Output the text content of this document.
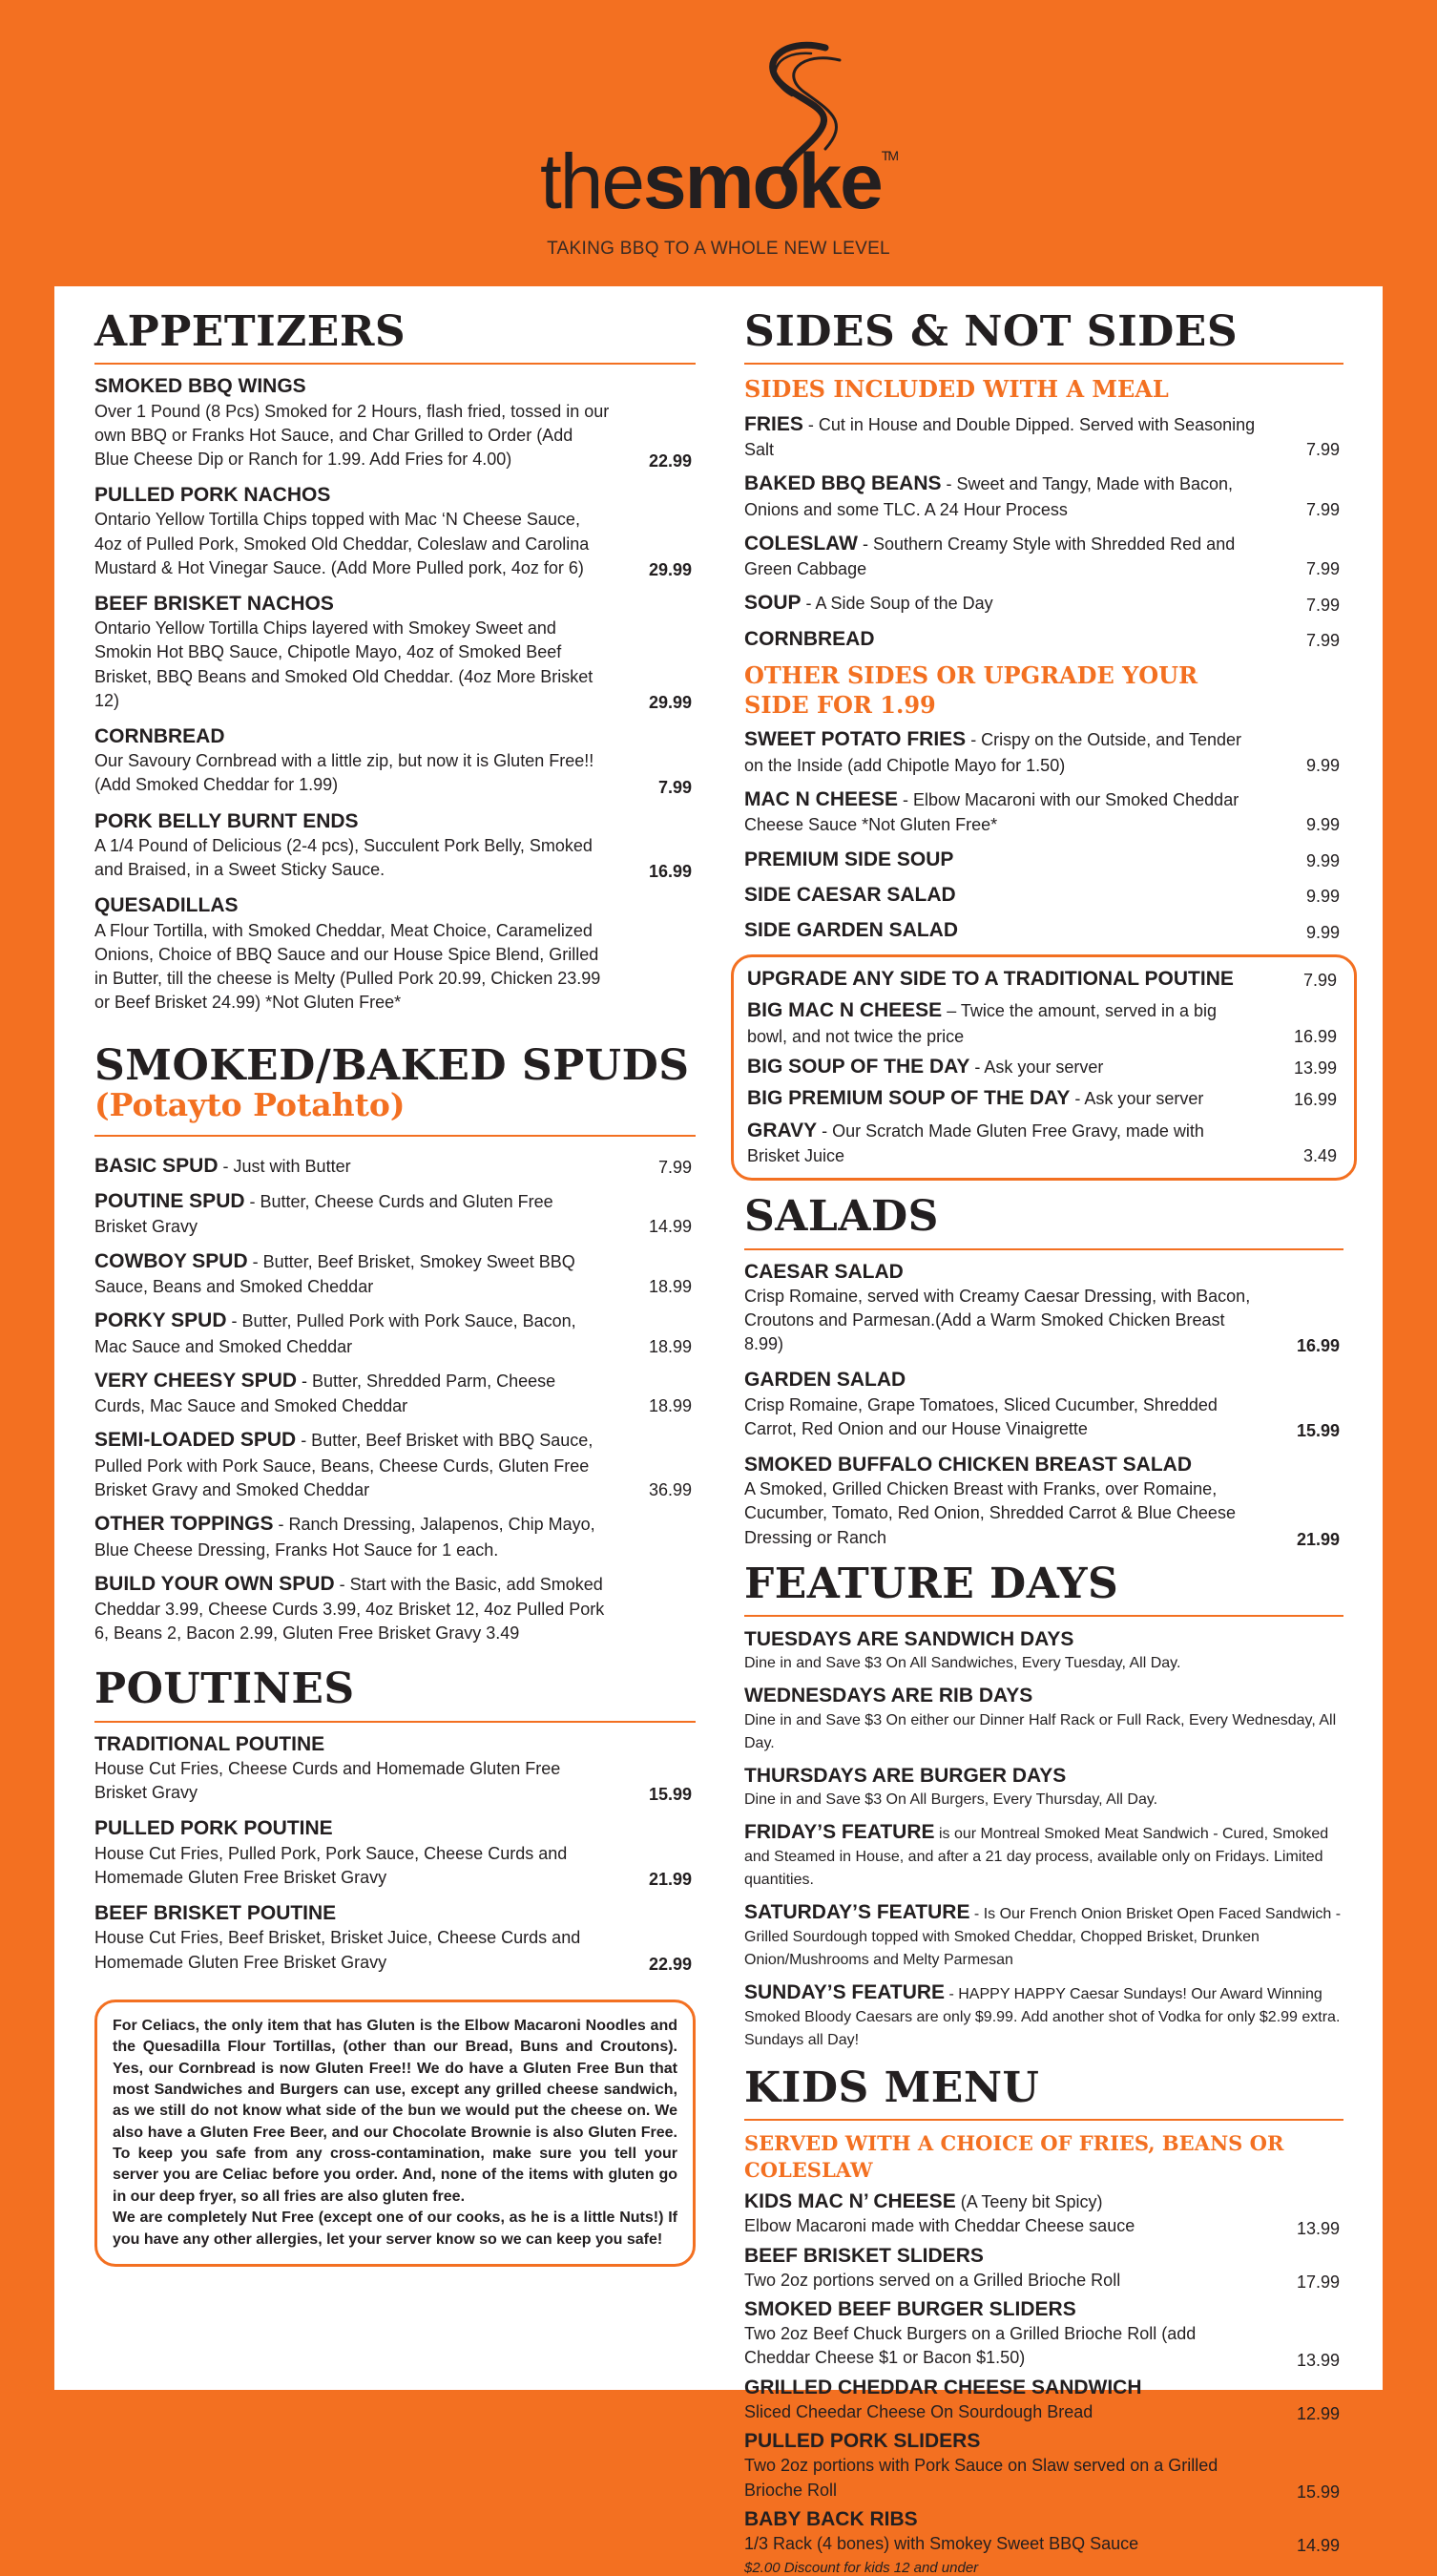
thesmoke™
TAKING BBQ TO A WHOLE NEW LEVEL
APPETIZERS
SMOKED BBQ WINGS
Over 1 Pound (8 Pcs) Smoked for 2 Hours, flash fried, tossed in our own BBQ or Franks Hot Sauce, and Char Grilled to Order (Add Blue Cheese Dip or Ranch for 1.99. Add Fries for 4.00)	22.99
PULLED PORK NACHOS
Ontario Yellow Tortilla Chips topped with Mac ‘N Cheese Sauce, 4oz of Pulled Pork, Smoked Old Cheddar, Coleslaw and Carolina Mustard & Hot Vinegar Sauce. (Add More Pulled pork, 4oz for 6)	29.99
BEEF BRISKET NACHOS
Ontario Yellow Tortilla Chips layered with Smokey Sweet and Smokin Hot BBQ Sauce, Chipotle Mayo, 4oz of Smoked Beef Brisket, BBQ Beans and Smoked Old Cheddar. (4oz More Brisket 12)	29.99
CORNBREAD
Our Savoury Cornbread with a little zip, but now it is Gluten Free!! (Add Smoked Cheddar for 1.99)	7.99
PORK BELLY BURNT ENDS
A 1/4 Pound of Delicious (2-4 pcs), Succulent Pork Belly, Smoked and Braised, in a Sweet Sticky Sauce.	16.99
QUESADILLAS
A Flour Tortilla, with Smoked Cheddar, Meat Choice, Caramelized Onions, Choice of BBQ Sauce and our House Spice Blend, Grilled in Butter, till the cheese is Melty (Pulled Pork 20.99, Chicken 23.99 or Beef Brisket 24.99) *Not Gluten Free*
SMOKED/BAKED SPUDS
(Potayto Potahto)
BASIC SPUD - Just with Butter	7.99
POUTINE SPUD - Butter, Cheese Curds and Gluten Free Brisket Gravy	14.99
COWBOY SPUD - Butter, Beef Brisket, Smokey Sweet BBQ Sauce, Beans and Smoked Cheddar	18.99
PORKY SPUD - Butter, Pulled Pork with Pork Sauce, Bacon, Mac Sauce and Smoked Cheddar	18.99
VERY CHEESY SPUD - Butter, Shredded Parm, Cheese Curds, Mac Sauce and Smoked Cheddar	18.99
SEMI-LOADED SPUD - Butter, Beef Brisket with BBQ Sauce, Pulled Pork with Pork Sauce, Beans, Cheese Curds, Gluten Free Brisket Gravy and Smoked Cheddar	36.99
OTHER TOPPINGS - Ranch Dressing, Jalapenos, Chip Mayo, Blue Cheese Dressing, Franks Hot Sauce for 1 each.
BUILD YOUR OWN SPUD - Start with the Basic, add Smoked Cheddar 3.99, Cheese Curds 3.99, 4oz Brisket 12, 4oz Pulled Pork 6, Beans 2, Bacon 2.99, Gluten Free Brisket Gravy 3.49
POUTINES
TRADITIONAL POUTINE
House Cut Fries, Cheese Curds and Homemade Gluten Free Brisket Gravy	15.99
PULLED PORK POUTINE
House Cut Fries, Pulled Pork, Pork Sauce, Cheese Curds and Homemade Gluten Free Brisket Gravy	21.99
BEEF BRISKET POUTINE
House Cut Fries, Beef Brisket, Brisket Juice, Cheese Curds and Homemade Gluten Free Brisket Gravy	22.99
For Celiacs, the only item that has Gluten is the Elbow Macaroni Noodles and the Quesadilla Flour Tortillas, (other than our Bread, Buns and Croutons). Yes, our Cornbread is now Gluten Free!! We do have a Gluten Free Bun that most Sandwiches and Burgers can use, except any grilled cheese sandwich, as we still do not know what side of the bun we would put the cheese on. We also have a Gluten Free Beer, and our Chocolate Brownie is also Gluten Free. To keep you safe from any cross-contamination, make sure you tell your server you are Celiac before you order. And, none of the items with gluten go in our deep fryer, so all fries are also gluten free.
We are completely Nut Free (except one of our cooks, as he is a little Nuts!) If you have any other allergies, let your server know so we can keep you safe!
SIDES & NOT SIDES
SIDES INCLUDED WITH A MEAL
FRIES - Cut in House and Double Dipped. Served with Seasoning Salt	7.99
BAKED BBQ BEANS - Sweet and Tangy, Made with Bacon, Onions and some TLC. A 24 Hour Process	7.99
COLESLAW - Southern Creamy Style with Shredded Red and Green Cabbage	7.99
SOUP - A Side Soup of the Day	7.99
CORNBREAD	7.99
OTHER SIDES OR UPGRADE YOUR SIDE FOR 1.99
SWEET POTATO FRIES - Crispy on the Outside, and Tender on the Inside (add Chipotle Mayo for 1.50)	9.99
MAC N CHEESE - Elbow Macaroni with our Smoked Cheddar Cheese Sauce *Not Gluten Free*	9.99
PREMIUM SIDE SOUP	9.99
SIDE CAESAR SALAD	9.99
SIDE GARDEN SALAD	9.99
UPGRADE ANY SIDE TO A TRADITIONAL POUTINE	7.99
BIG MAC N CHEESE – Twice the amount, served in a big bowl, and not twice the price	16.99
BIG SOUP OF THE DAY - Ask your server	13.99
BIG PREMIUM SOUP OF THE DAY - Ask your server	16.99
GRAVY - Our Scratch Made Gluten Free Gravy, made with Brisket Juice	3.49
SALADS
CAESAR SALAD
Crisp Romaine, served with Creamy Caesar Dressing, with Bacon, Croutons and Parmesan.(Add a Warm Smoked Chicken Breast 8.99)	16.99
GARDEN SALAD
Crisp Romaine, Grape Tomatoes, Sliced Cucumber, Shredded Carrot, Red Onion and our House Vinaigrette	15.99
SMOKED BUFFALO CHICKEN BREAST SALAD
A Smoked, Grilled Chicken Breast with Franks, over Romaine, Cucumber, Tomato, Red Onion, Shredded Carrot & Blue Cheese Dressing or Ranch	21.99
FEATURE DAYS
TUESDAYS ARE SANDWICH DAYS
Dine in and Save $3 On All Sandwiches, Every Tuesday, All Day.
WEDNESDAYS ARE RIB DAYS
Dine in and Save $3 On either our Dinner Half Rack or Full Rack, Every Wednesday, All Day.
THURSDAYS ARE BURGER DAYS
Dine in and Save $3 On All Burgers, Every Thursday, All Day.
FRIDAY’S FEATURE is our Montreal Smoked Meat Sandwich - Cured, Smoked and Steamed in House, and after a 21 day process, available only on Fridays. Limited quantities.
SATURDAY’S FEATURE - Is Our French Onion Brisket Open Faced Sandwich - Grilled Sourdough topped with Smoked Cheddar, Chopped Brisket, Drunken Onion/Mushrooms and Melty Parmesan
SUNDAY’S FEATURE - HAPPY HAPPY Caesar Sundays! Our Award Winning Smoked Bloody Caesars are only $9.99. Add another shot of Vodka for only $2.99 extra. Sundays all Day!
KIDS MENU
SERVED WITH A CHOICE OF FRIES, BEANS OR COLESLAW
KIDS MAC N’ CHEESE (A Teeny bit Spicy)
Elbow Macaroni made with Cheddar Cheese sauce	13.99
BEEF BRISKET SLIDERS
Two 2oz portions served on a Grilled Brioche Roll	17.99
SMOKED BEEF BURGER SLIDERS
Two 2oz Beef Chuck Burgers on a Grilled Brioche Roll (add Cheddar Cheese $1 or Bacon $1.50)	13.99
GRILLED CHEDDAR CHEESE SANDWICH
Sliced Cheedar Cheese On Sourdough Bread	12.99
PULLED PORK SLIDERS
Two 2oz portions with Pork Sauce on Slaw served on a Grilled Brioche Roll	15.99
BABY BACK RIBS
1/3 Rack (4 bones) with Smokey Sweet BBQ Sauce	14.99
$2.00 Discount for kids 12 and under
